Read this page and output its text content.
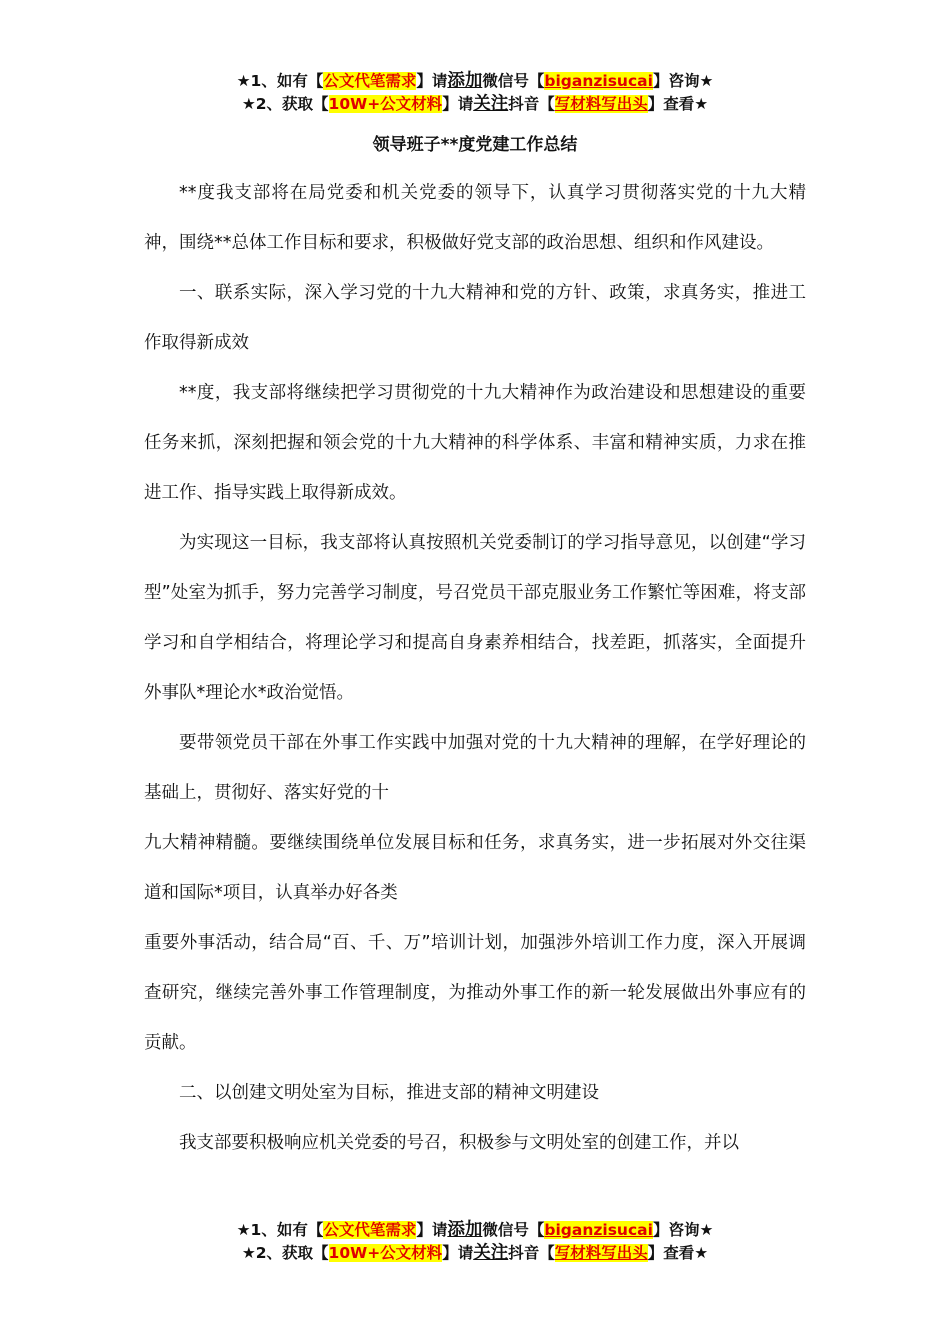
★1、如有【公文代笔需求】请添加微信号【biganzisucai】咨询★
★2、获取【10W+公文材料】请关注抖音【写材料写出头】查看★
领导班子**度党建工作总结

**度我支部将在局党委和机关党委的领导下，认真学习贯彻落实党的十九大精神，围绕**总体工作目标和要求，积极做好党支部的政治思想、组织和作风建设。

一、联系实际，深入学习党的十九大精神和党的方针、政策，求真务实，推进工作取得新成效

**度，我支部将继续把学习贯彻党的十九大精神作为政治建设和思想建设的重要任务来抓，深刻把握和领会党的十九大精神的科学体系、丰富和精神实质，力求在推进工作、指导实践上取得新成效。

为实现这一目标，我支部将认真按照机关党委制订的学习指导意见，以创建“学习型”处室为抓手，努力完善学习制度，号召党员干部克服业务工作繁忙等困难，将支部学习和自学相结合，将理论学习和提高自身素养相结合，找差距，抓落实，全面提升外事队*理论水*政治觉悟。

要带领党员干部在外事工作实践中加强对党的十九大精神的理解，在学好理论的基础上，贯彻好、落实好党的十

九大精神精髓。要继续围绕单位发展目标和任务，求真务实，进一步拓展对外交往渠道和国际*项目，认真举办好各类

重要外事活动，结合局“百、千、万”培训计划，加强涉外培训工作力度，深入开展调查研究，继续完善外事工作管理制度，为推动外事工作的新一轮发展做出外事应有的贡献。

二、以创建文明处室为目标，推进支部的精神文明建设

我支部要积极响应机关党委的号召，积极参与文明处室的创建工作，并以

★1、如有【公文代笔需求】请添加微信号【biganzisucai】咨询★
★2、获取【10W+公文材料】请关注抖音【写材料写出头】查看★
